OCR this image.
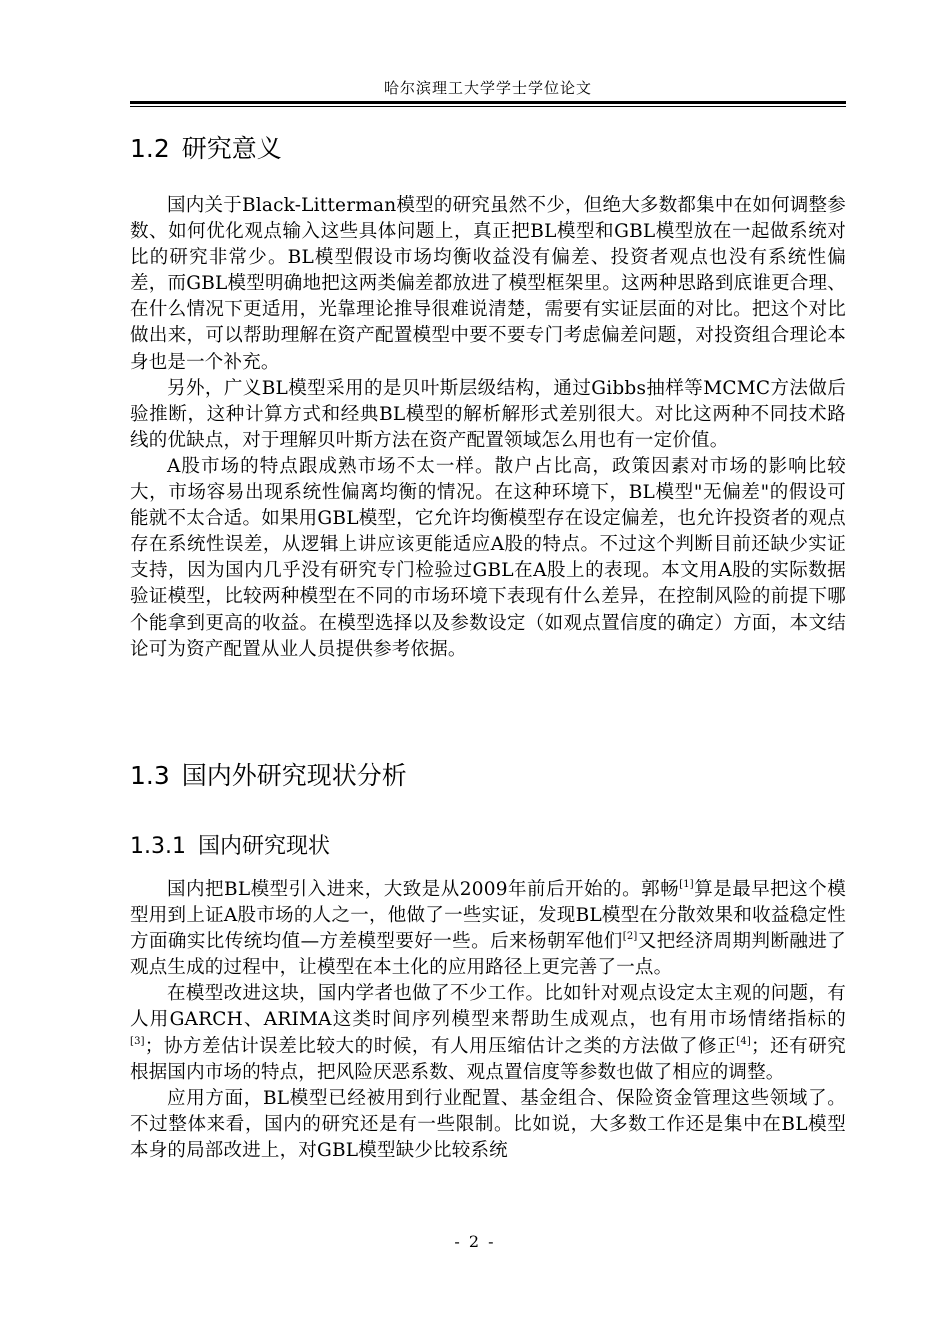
哈尔滨理工大学学士学位论文
1.2 研究意义

国内关于Black-Litterman模型的研究虽然不少，但绝大多数都集中在如何调整参数、如何优化观点输入这些具体问题上，真正把BL模型和GBL模型放在一起做系统对比的研究非常少。BL模型假设市场均衡收益没有偏差、投资者观点也没有系统性偏差，而GBL模型明确地把这两类偏差都放进了模型框架里。这两种思路到底谁更合理、在什么情况下更适用，光靠理论推导很难说清楚，需要有实证层面的对比。把这个对比做出来，可以帮助理解在资产配置模型中要不要专门考虑偏差问题，对投资组合理论本身也是一个补充。

另外，广义BL模型采用的是贝叶斯层级结构，通过Gibbs抽样等MCMC方法做后验推断，这种计算方式和经典BL模型的解析解形式差别很大。对比这两种不同技术路线的优缺点，对于理解贝叶斯方法在资产配置领域怎么用也有一定价值。

A股市场的特点跟成熟市场不太一样。散户占比高，政策因素对市场的影响比较大，市场容易出现系统性偏离均衡的情况。在这种环境下，BL模型"无偏差"的假设可能就不太合适。如果用GBL模型，它允许均衡模型存在设定偏差，也允许投资者的观点存在系统性误差，从逻辑上讲应该更能适应A股的特点。不过这个判断目前还缺少实证支持，因为国内几乎没有研究专门检验过GBL在A股上的表现。本文用A股的实际数据验证模型，比较两种模型在不同的市场环境下表现有什么差异，在控制风险的前提下哪个能拿到更高的收益。在模型选择以及参数设定（如观点置信度的确定）方面，本文结论可为资产配置从业人员提供参考依据。

1.3 国内外研究现状分析
1.3.1 国内研究现状

国内把BL模型引入进来，大致是从2009年前后开始的。郭畅[1]算是最早把这个模型用到上证A股市场的人之一，他做了一些实证，发现BL模型在分散效果和收益稳定性方面确实比传统均值—方差模型要好一些。后来杨朝军他们[2]又把经济周期判断融进了观点生成的过程中，让模型在本土化的应用路径上更完善了一点。

在模型改进这块，国内学者也做了不少工作。比如针对观点设定太主观的问题，有人用GARCH、ARIMA这类时间序列模型来帮助生成观点，也有用市场情绪指标的[3]；协方差估计误差比较大的时候，有人用压缩估计之类的方法做了修正[4]；还有研究根据国内市场的特点，把风险厌恶系数、观点置信度等参数也做了相应的调整。

应用方面，BL模型已经被用到行业配置、基金组合、保险资金管理这些领域了。不过整体来看，国内的研究还是有一些限制。比如说，大多数工作还是集中在BL模型本身的局部改进上，对GBL模型缺少比较系统

- 2 -
